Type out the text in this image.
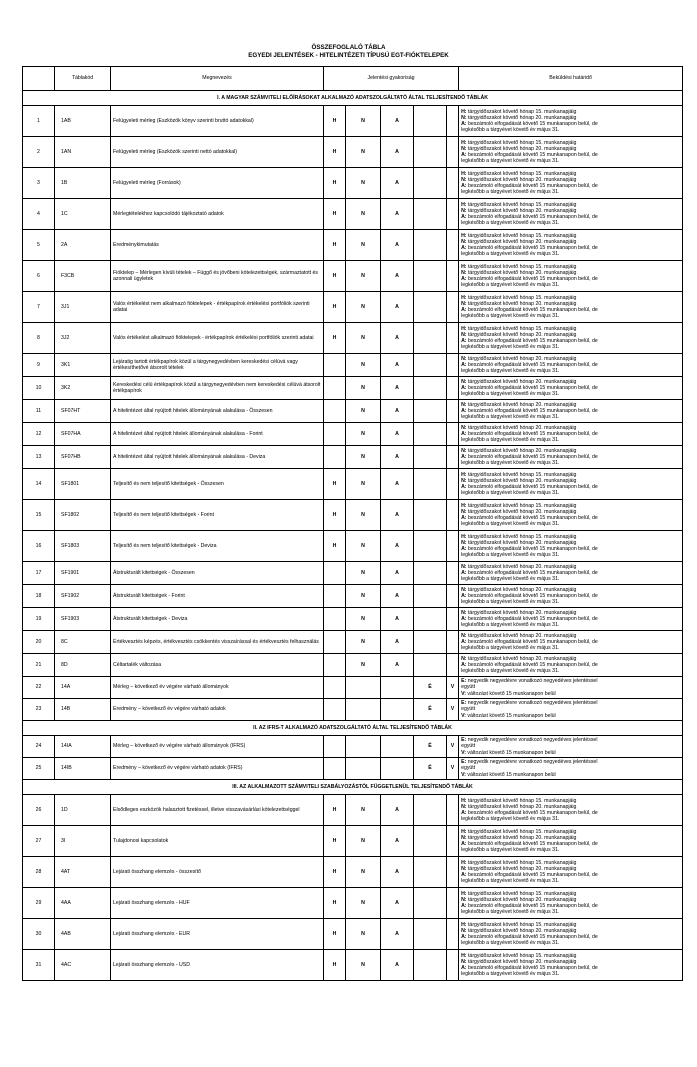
ÖSSZEFOGLALÓ TÁBLA
EGYEDI JELENTÉSEK - HITELINTÉZETI TÍPUSÚ EGT-FIÓKTELEPEK
	Táblakód	Megnevezés	Jelentési gyakoriság					Beküldési határidő
I. A MAGYAR SZÁMVITELI ELŐÍRÁSOKAT ALKALMAZÓ ADATSZOLGÁLTATÓ ÁLTAL TELJESÍTENDŐ TÁBLÁK								
1	1AB	Felügyeleti mérleg (Eszközök könyv szerinti bruttó adatokkal)	H	N	A			H: tárgyidőszakot követő hónap 15. munkanapjáig
N: tárgyidőszakot követő hónap 20. munkanapjáig
A: beszámoló elfogadását követő 15 munkanapon belül, de
legkésőbb a tárgyévet követő év május 31.

2	1AN	Felügyeleti mérleg (Eszközök szerinti nettó adatokkal)	H	N	A			H: tárgyidőszakot követő hónap 15. munkanapjáig
N: tárgyidőszakot követő hónap 20. munkanapjáig
A: beszámoló elfogadását követő 15 munkanapon belül, de
legkésőbb a tárgyévet követő év május 31.

3	1B	Felügyeleti mérleg (Források)	H	N	A			H: tárgyidőszakot követő hónap 15. munkanapjáig
N: tárgyidőszakot követő hónap 20. munkanapjáig
A: beszámoló elfogadását követő 15 munkanapon belül, de
legkésőbb a tárgyévet követő év május 31.

4	1C	Mérlegtételekhez kapcsolódó tájékoztató adatok	H	N	A			H: tárgyidőszakot követő hónap 15. munkanapjáig
N: tárgyidőszakot követő hónap 20. munkanapjáig
A: beszámoló elfogadását követő 15 munkanapon belül, de
legkésőbb a tárgyévet követő év május 31.

5	2A	Eredménykimutatás	H	N	A			H: tárgyidőszakot követő hónap 15. munkanapjáig
N: tárgyidőszakot követő hónap 20. munkanapjáig
A: beszámoló elfogadását követő 15 munkanapon belül, de
legkésőbb a tárgyévet követő év május 31.

6	F3CB	Fióktelep – Mérlegen kívüli tételek – Függő és jövőbeni kötelezettségek, származtatott és azonnali ügyletek	H	N	A			H: tárgyidőszakot követő hónap 15. munkanapjáig
N: tárgyidőszakot követő hónap 20. munkanapjáig
A: beszámoló elfogadását követő 15 munkanapon belül, de
legkésőbb a tárgyévet követő év május 31.

7	3J1	Valós értékelést nem alkalmazó fióktelepek - értékpapírok értékelési portfóliók szerinti adatai	H	N	A			H: tárgyidőszakot követő hónap 15. munkanapjáig
N: tárgyidőszakot követő hónap 20. munkanapjáig
A: beszámoló elfogadását követő 15 munkanapon belül, de
legkésőbb a tárgyévet követő év május 31.

8	3J2	Valós értékelést alkalmazó fióktelepek - értékpapírok értékelési portfóliók szerinti adatai	H	N	A			H: tárgyidőszakot követő hónap 15. munkanapjáig
N: tárgyidőszakot követő hónap 20. munkanapjáig
A: beszámoló elfogadását követő 15 munkanapon belül, de
legkésőbb a tárgyévet követő év május 31.

9	3K1	Lejáratig tartott értékpapírok közül a tárgynegyedévben kereskedési célúvá vagy értékesíthetővé átsorolt tételek		N	A			N: tárgyidőszakot követő hónap 20. munkanapjáig
A: beszámoló elfogadását követő 15 munkanapon belül, de
legkésőbb a tárgyévet követő év május 31.

10	3K2	Kereskedési célú értékpapírok közül a tárgynegyedévben nem kereskedési célúvá átsorolt értékpapírok		N	A			N: tárgyidőszakot követő hónap 20. munkanapjáig
A: beszámoló elfogadását követő 15 munkanapon belül, de
legkésőbb a tárgyévet követő év május 31.

11	SF07HT	A hitelintézet által nyújtott hitelek állományának alakulása - Összesen		N	A			N: tárgyidőszakot követő hónap 20. munkanapjáig
A: beszámoló elfogadását követő 15 munkanapon belül, de
legkésőbb a tárgyévet követő év május 31.

12	SF07HA	A hitelintézet által nyújtott hitelek állományának alakulása - Forint		N	A			N: tárgyidőszakot követő hónap 20. munkanapjáig
A: beszámoló elfogadását követő 15 munkanapon belül, de
legkésőbb a tárgyévet követő év május 31.

13	SF07HB	A hitelintézet által nyújtott hitelek állományának alakulása - Deviza		N	A			N: tárgyidőszakot követő hónap 20. munkanapjáig
A: beszámoló elfogadását követő 15 munkanapon belül, de
legkésőbb a tárgyévet követő év május 31.

14	SF1801	Teljesítő és nem teljesítő kitettségek - Összesen	H	N	A			H: tárgyidőszakot követő hónap 15. munkanapjáig
N: tárgyidőszakot követő hónap 20. munkanapjáig
A: beszámoló elfogadását követő 15 munkanapon belül, de
legkésőbb a tárgyévet követő év május 31.

15	SF1802	Teljesítő és nem teljesítő kitettségek - Forint	H	N	A			H: tárgyidőszakot követő hónap 15. munkanapjáig
N: tárgyidőszakot követő hónap 20. munkanapjáig
A: beszámoló elfogadását követő 15 munkanapon belül, de
legkésőbb a tárgyévet követő év május 31.

16	SF1803	Teljesítő és nem teljesítő kitettségek - Deviza	H	N	A			H: tárgyidőszakot követő hónap 15. munkanapjáig
N: tárgyidőszakot követő hónap 20. munkanapjáig
A: beszámoló elfogadását követő 15 munkanapon belül, de
legkésőbb a tárgyévet követő év május 31.

17	SF1901	Átstrukturált kitettségek - Összesen		N	A			N: tárgyidőszakot követő hónap 20. munkanapjáig
A: beszámoló elfogadását követő 15 munkanapon belül, de
legkésőbb a tárgyévet követő év május 31.

18	SF1902	Átstrukturált kitettségek - Forint		N	A			N: tárgyidőszakot követő hónap 20. munkanapjáig
A: beszámoló elfogadását követő 15 munkanapon belül, de
legkésőbb a tárgyévet követő év május 31.

19	SF1903	Átstrukturált kitettségek - Deviza		N	A			N: tárgyidőszakot követő hónap 20. munkanapjáig
A: beszámoló elfogadását követő 15 munkanapon belül, de
legkésőbb a tárgyévet követő év május 31.

20	8C	Értékvesztés képzés, értékvesztés csökkentés visszaírással és értékvesztés felhasználás		N	A			N: tárgyidőszakot követő hónap 20. munkanapjáig
A: beszámoló elfogadását követő 15 munkanapon belül, de
legkésőbb a tárgyévet követő év május 31.

21	8D	Céltartalék változása		N	A			N: tárgyidőszakot követő hónap 20. munkanapjáig
A: beszámoló elfogadását követő 15 munkanapon belül, de
legkésőbb a tárgyévet követő év május 31.

22	14A	Mérleg – következő év végére várható állományok				É	V	É: negyedik negyedévre vonatkozó negyedéves jelentéssel
együtt
V: változást követő 15 munkanapon belül

23	14B	Eredmény – következő év végére várható adatok				É	V	É: negyedik negyedévre vonatkozó negyedéves jelentéssel
együtt
V: változást követő 15 munkanapon belül

II. AZ IFRS-T ALKALMAZÓ ADATSZOLGÁLTATÓ ÁLTAL TELJESÍTENDŐ TÁBLÁK								
24	14IA	Mérleg – következő év végére várható állományok (IFRS)				É	V	É: negyedik negyedévre vonatkozó negyedéves jelentéssel
együtt
V: változást követő 15 munkanapon belül

25	14IB	Eredmény – következő év végére várható adatok (IFRS)				É	V	É: negyedik negyedévre vonatkozó negyedéves jelentéssel
együtt
V: változást követő 15 munkanapon belül

III. AZ ALKALMAZOTT SZÁMVITELI SZABÁLYOZÁSTÓL FÜGGETLENÜL TELJESÍTENDŐ TÁBLÁK								
26	1D	Elsődleges eszközök halasztott fizetéssel, illetve visszavásárlási kötelezettséggel	H	N	A			H: tárgyidőszakot követő hónap 15. munkanapjáig
N: tárgyidőszakot követő hónap 20. munkanapjáig
A: beszámoló elfogadását követő 15 munkanapon belül, de
legkésőbb a tárgyévet követő év május 31.

27	3I	Tulajdonosi kapcsolatok	H	N	A			H: tárgyidőszakot követő hónap 15. munkanapjáig
N: tárgyidőszakot követő hónap 20. munkanapjáig
A: beszámoló elfogadását követő 15 munkanapon belül, de
legkésőbb a tárgyévet követő év május 31.

28	4AT	Lejárati összhang elemzés - összesítő	H	N	A			H: tárgyidőszakot követő hónap 15. munkanapjáig
N: tárgyidőszakot követő hónap 20. munkanapjáig
A: beszámoló elfogadását követő 15 munkanapon belül, de
legkésőbb a tárgyévet követő év május 31.

29	4AA	Lejárati összhang elemzés - HUF	H	N	A			H: tárgyidőszakot követő hónap 15. munkanapjáig
N: tárgyidőszakot követő hónap 20. munkanapjáig
A: beszámoló elfogadását követő 15 munkanapon belül, de
legkésőbb a tárgyévet követő év május 31.

30	4AB	Lejárati összhang elemzés - EUR	H	N	A			H: tárgyidőszakot követő hónap 15. munkanapjáig
N: tárgyidőszakot követő hónap 20. munkanapjáig
A: beszámoló elfogadását követő 15 munkanapon belül, de
legkésőbb a tárgyévet követő év május 31.

31	4AC	Lejárati összhang elemzés - USD	H	N	A			H: tárgyidőszakot követő hónap 15. munkanapjáig
N: tárgyidőszakot követő hónap 20. munkanapjáig
A: beszámoló elfogadását követő 15 munkanapon belül, de
legkésőbb a tárgyévet követő év május 31.
